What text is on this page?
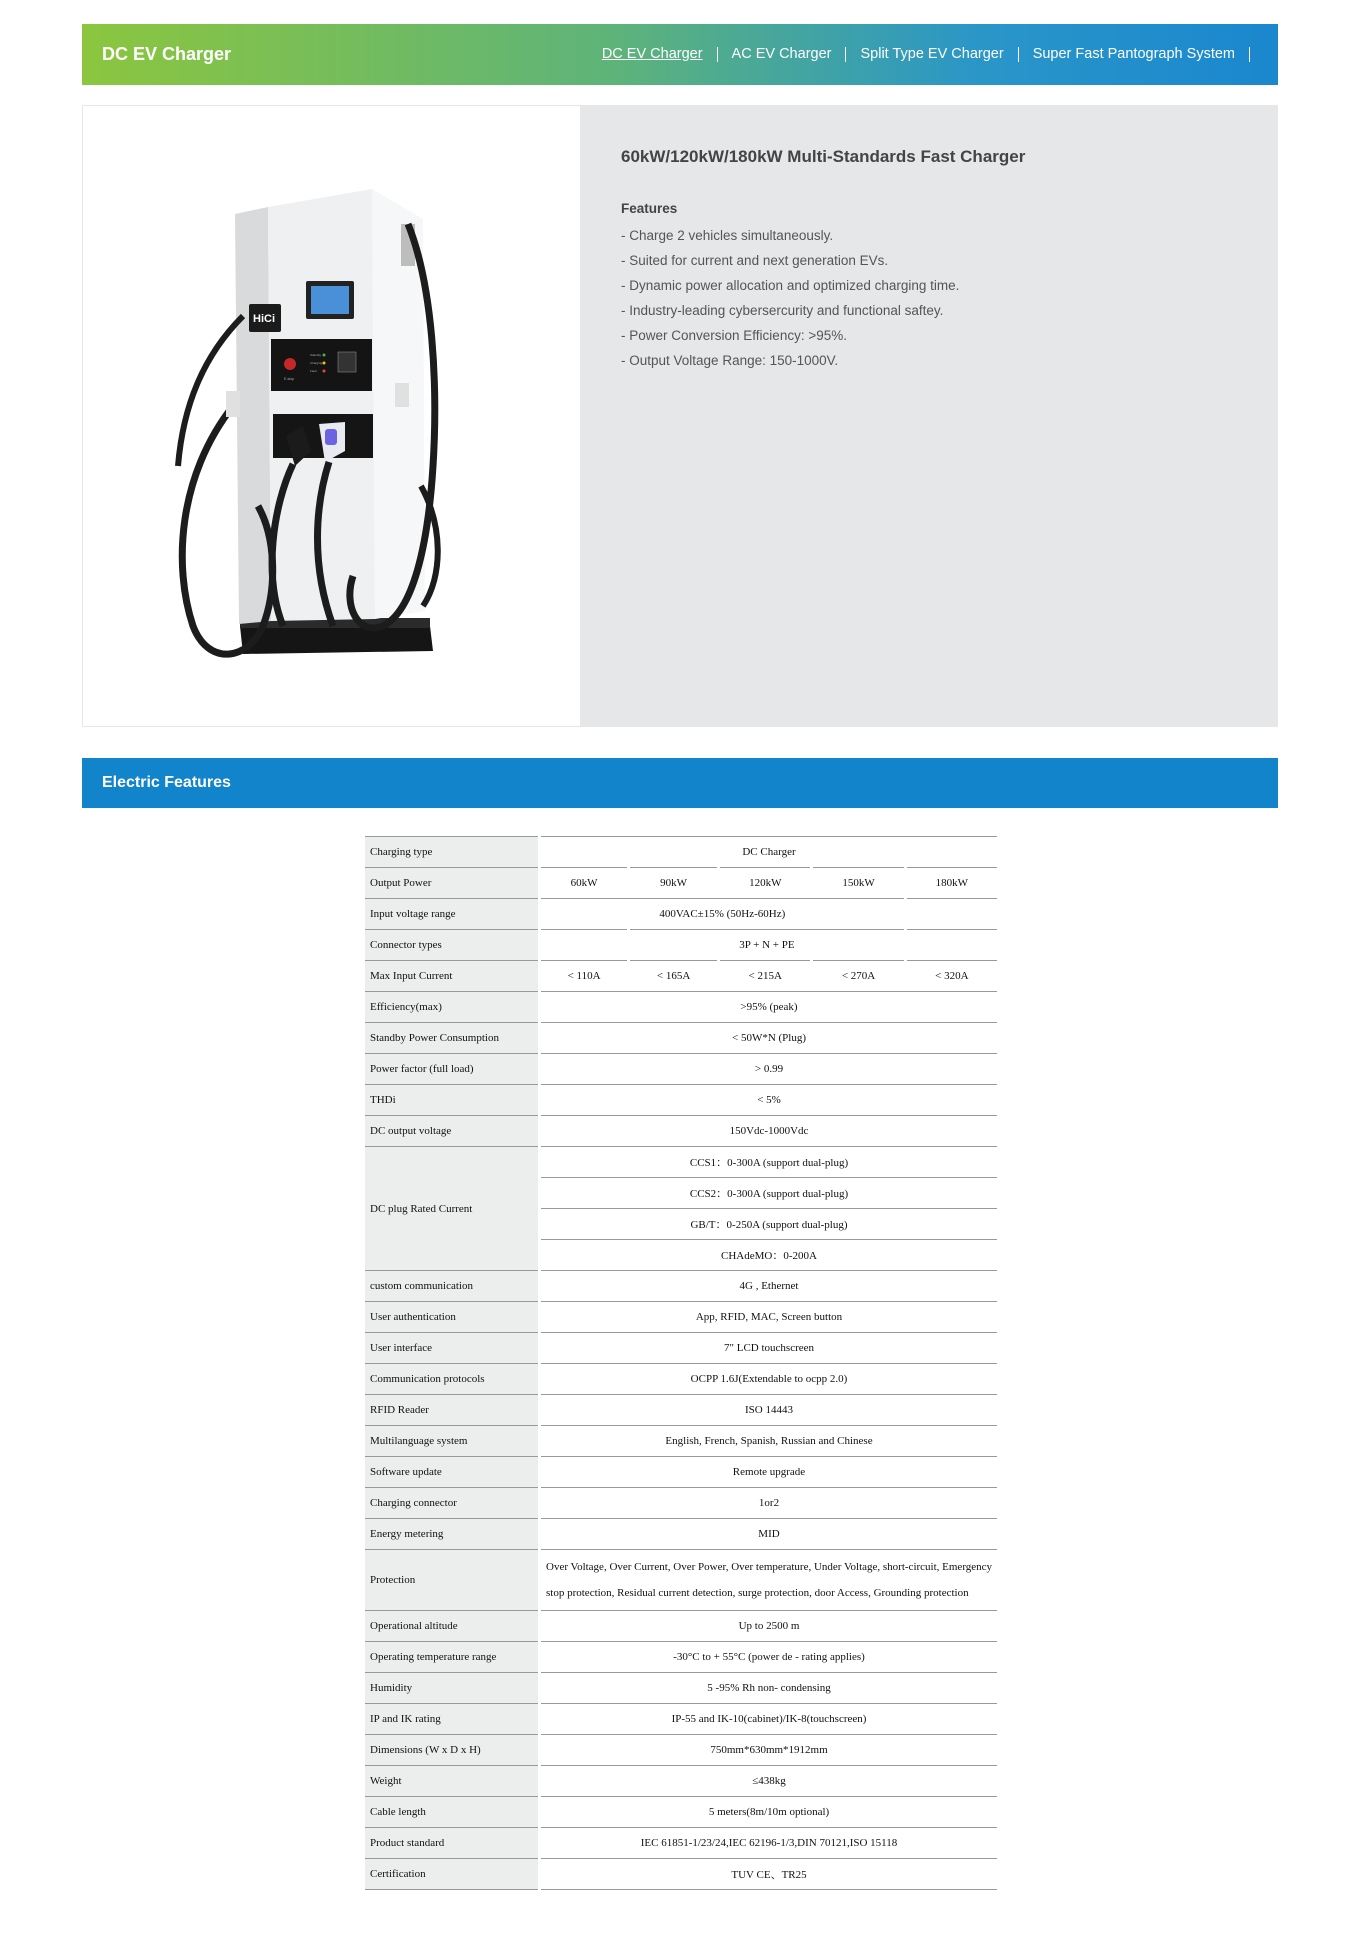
DC EV Charger	DC EV Charger	AC EV Charger	Split Type EV Charger	Super Fast Pantograph System
HiCi
E-stop
Standby
Charging
Fault
60kW/120kW/180kW Multi-Standards Fast Charger
Features
- Charge 2 vehicles simultaneously.
- Suited for current and next generation EVs.
- Dynamic power allocation and optimized charging time.
- Industry-leading cybersercurity and functional saftey.
- Power Conversion Efficiency: >95%.
- Output Voltage Range: 150-1000V.
Electric Features
Charging type	DC Charger				
Output Power	60kW	90kW	120kW	150kW	180kW
Input voltage range	400VAC±15% (50Hz-60Hz)				
Connector types		3P + N + PE			
Max Input Current	< 110A	< 165A	< 215A	< 270A	< 320A
Efficiency(max)	>95% (peak)				
Standby Power Consumption	< 50W*N (Plug)				
Power factor (full load)	> 0.99				
THDi	< 5%				
DC output voltage	150Vdc-1000Vdc				
DC plug Rated Current	CCS1：0-300A (support dual-plug)				
	CCS2：0-300A (support dual-plug)				
	GB/T：0-250A (support dual-plug)				
	CHAdeMO：0-200A				
custom communication	4G , Ethernet				
User authentication	App, RFID, MAC, Screen button				
User interface	7" LCD touchscreen				
Communication protocols	OCPP 1.6J(Extendable to ocpp 2.0)				
RFID Reader	ISO 14443				
Multilanguage system	English, French, Spanish, Russian and Chinese				
Software update	Remote upgrade				
Charging connector	1or2				
Energy metering	MID				
Protection	Over Voltage, Over Current, Over Power, Over temperature, Under Voltage, short-circuit, Emergency stop protection, Residual current detection, surge protection, door Access, Grounding protection				
Operational altitude	Up to 2500 m				
Operating temperature range	-30°C to + 55°C (power de - rating applies)				
Humidity	5 -95% Rh non- condensing				
IP and IK rating	IP-55 and IK-10(cabinet)/IK-8(touchscreen)				
Dimensions (W x D x H)	750mm*630mm*1912mm				
Weight	≤438kg				
Cable length	5 meters(8m/10m optional)				
Product standard	IEC 61851-1/23/24,IEC 62196-1/3,DIN 70121,ISO 15118				
Certification	TUV CE、TR25				
